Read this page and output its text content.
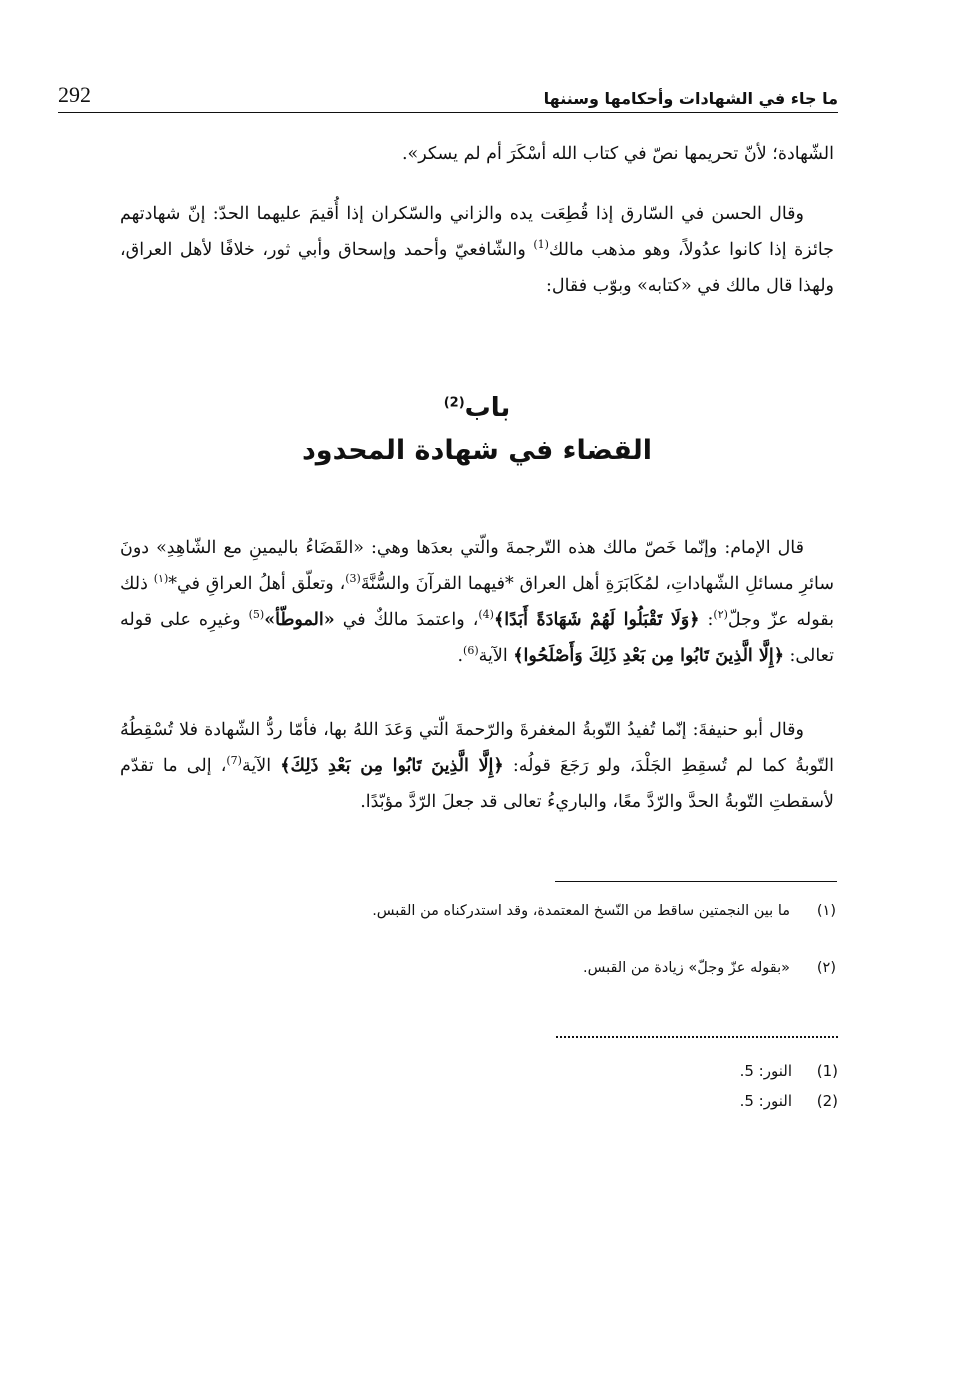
292	ما جاء في الشهادات وأحكامها وسننها
الشّهادة؛ لأنّ تحريمها نصّ في كتاب الله أسْكَرَ أم لم يسكر».
وقال الحسن في السّارق إذا قُطِعَت يده والزاني والسّكران إذا أُقيمَ عليهما الحدّ: إنّ شهادتهم جائزة إذا كانوا عدُولاً، وهو مذهب مالك$^{(1)}$ والشّافعيّ وأحمد وإسحاق وأبي ثور، خلافًا لأهل العراق، ولهذا قال مالك في «كتابه» وبوّب فقال:
باب$^{(2)}$
القضاء في شهادة المحدود
قال الإمام: وإنّما خَصّ مالك هذه التّرجمةَ والّتي بعدَها وهي: «القَضَاءُ باليمينِ مع الشّاهِدِ» دونَ سائرِ مسائلِ الشّهاداتِ، لمُكَابَرَةِ أهل العراق *فيهما القرآنَ والسُّنَّةَ$^{(3)}$، وتعلّق أهلُ العراقِ في*$^{(١)}$ ذلك بقوله عزّ وجلّ$^{(٢)}$: ﴿وَلَا تَقْبَلُوا لَهُمْ شَهَادَةً أَبَدًا﴾$^{(4)}$، واعتمدَ مالكٌ في «الموطّأ»$^{(5)}$ وغيرِه على قوله تعالى: ﴿إِلَّا الَّذِينَ تَابُوا مِن بَعْدِ ذَلِكَ وَأَصْلَحُوا﴾ الآية$^{(6)}$.
وقال أبو حنيفةَ: إنّما تُفيدُ التّوبةُ المغفرةَ والرّحمةَ الّتي وَعَدَ اللهُ بها، فأمّا ردُّ الشّهادة فلا تُسْقِطُهُ التّوبةُ كما لم تُسقِطِ الجَلْدَ، ولو رَجَعَ قولُه: ﴿إِلَّا الَّذِينَ تَابُوا مِن بَعْدِ ذَلِكَ﴾ الآية$^{(7)}$، إلى ما تقدّم لأسقطتِ التّوبةُ الحدَّ والرّدَّ معًا، والباريءُ تعالى قد جعلَ الرّدَّ مؤبّدًا.
(١)ما بين النجمتين ساقط من النّسخ المعتمدة، وقد استدركناه من القبس.
(٢)«بقوله عزّ وجلّ» زيادة من القبس.
(1)النور: 5.
(2)النور: 5.
